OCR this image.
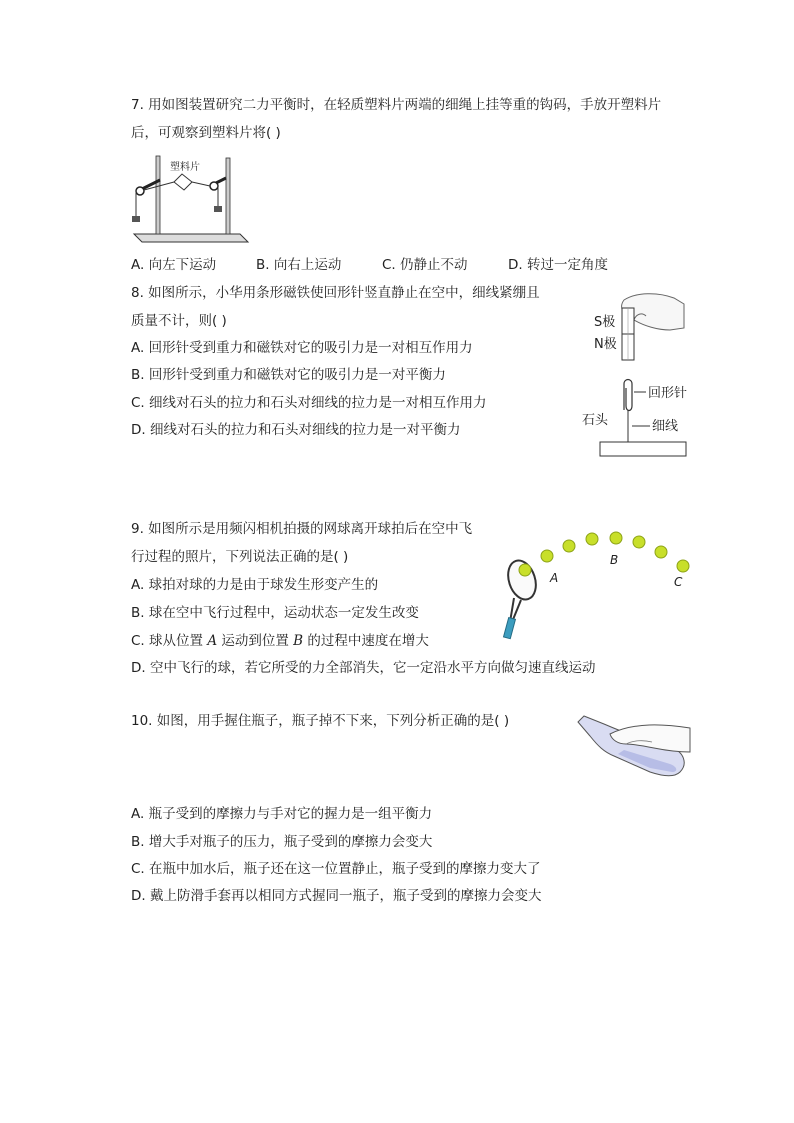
7. 用如图装置研究二力平衡时，在轻质塑料片两端的细绳上挂等重的钩码，手放开塑料片
后，可观察到塑料片将( )
塑料片
A. 向左下运动	B. 向右上运动	C. 仍静止不动	D. 转过一定角度
8. 如图所示，小华用条形磁铁使回形针竖直静止在空中，细线紧绷且
质量不计，则( )
A. 回形针受到重力和磁铁对它的吸引力是一对相互作用力
B. 回形针受到重力和磁铁对它的吸引力是一对平衡力
C. 细线对石头的拉力和石头对细线的拉力是一对相互作用力
D. 细线对石头的拉力和石头对细线的拉力是一对平衡力
S极
N极
回形针
细线
石头
9. 如图所示是用频闪相机拍摄的网球离开球拍后在空中飞
行过程的照片，下列说法正确的是( )
A. 球拍对球的力是由于球发生形变产生的
B. 球在空中飞行过程中，运动状态一定发生改变
C. 球从位置 A 运动到位置 B 的过程中速度在增大
D. 空中飞行的球，若它所受的力全部消失，它一定沿水平方向做匀速直线运动
A
B
C
10. 如图，用手握住瓶子，瓶子掉不下来，下列分析正确的是( )
A. 瓶子受到的摩擦力与手对它的握力是一组平衡力
B. 增大手对瓶子的压力，瓶子受到的摩擦力会变大
C. 在瓶中加水后，瓶子还在这一位置静止，瓶子受到的摩擦力变大了
D. 戴上防滑手套再以相同方式握同一瓶子，瓶子受到的摩擦力会变大
